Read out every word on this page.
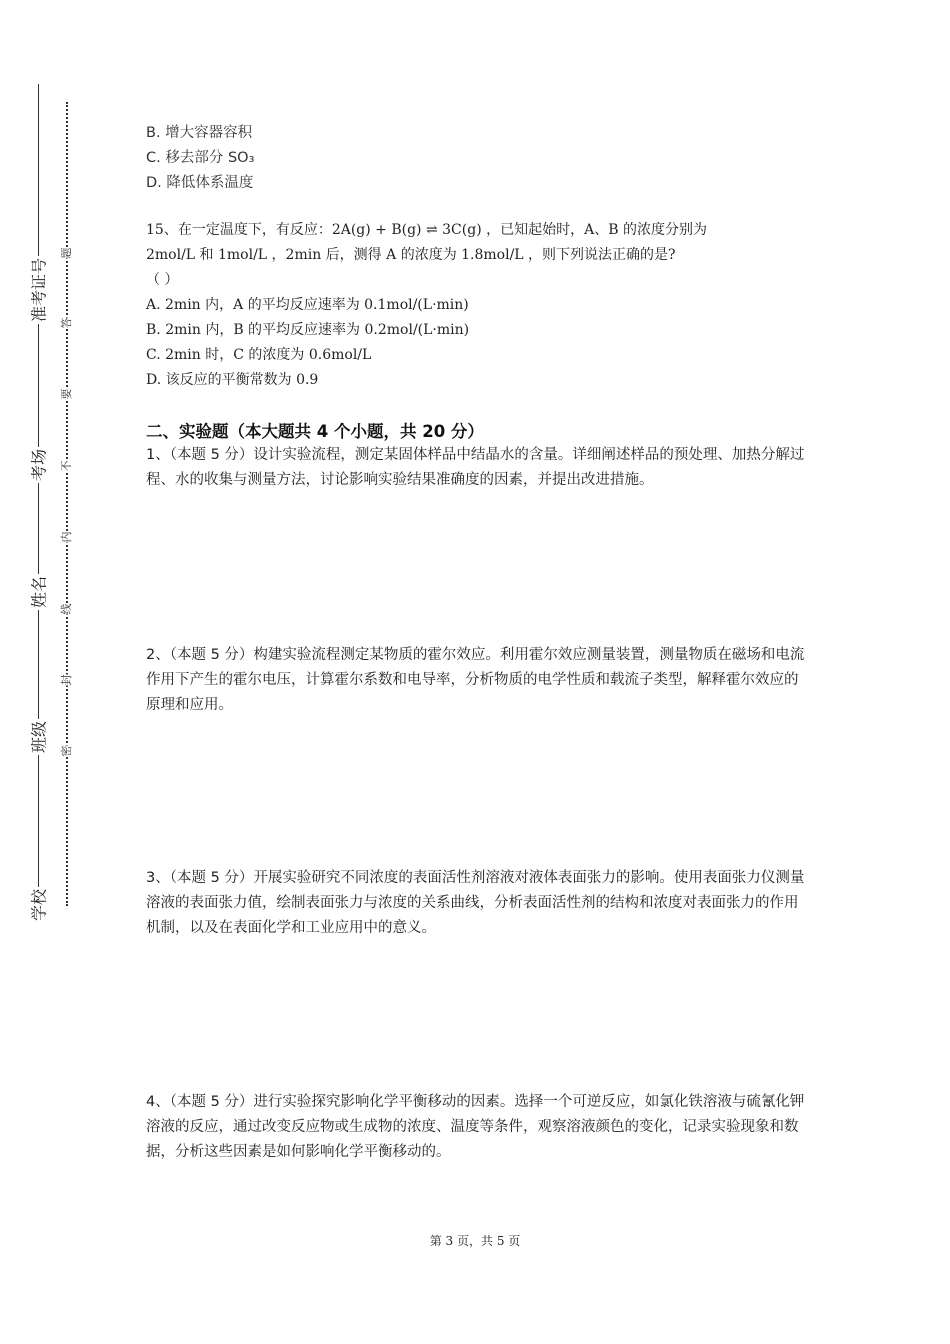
准考证号
考场
姓名
班级
学校
题
答
要
不
内
线
封
密
B. 增大容器容积
C. 移去部分 SO₃
D. 降低体系温度
15、在一定温度下，有反应：2A(g) + B(g) ⇌ 3C(g) ，已知起始时，A、B 的浓度分别为
2mol/L 和 1mol/L ，2min 后，测得 A 的浓度为 1.8mol/L ，则下列说法正确的是?
（ ）
A. 2min 内，A 的平均反应速率为 0.1mol/(L·min)
B. 2min 内，B 的平均反应速率为 0.2mol/(L·min)
C. 2min 时，C 的浓度为 0.6mol/L
D. 该反应的平衡常数为 0.9
二、实验题（本大题共 4 个小题，共 20 分）
1、（本题 5 分）设计实验流程，测定某固体样品中结晶水的含量。详细阐述样品的预处理、加热分解过程、水的收集与测量方法，讨论影响实验结果准确度的因素，并提出改进措施。
2、（本题 5 分）构建实验流程测定某物质的霍尔效应。利用霍尔效应测量装置，测量物质在磁场和电流作用下产生的霍尔电压，计算霍尔系数和电导率，分析物质的电学性质和载流子类型，解释霍尔效应的原理和应用。
3、（本题 5 分）开展实验研究不同浓度的表面活性剂溶液对液体表面张力的影响。使用表面张力仪测量溶液的表面张力值，绘制表面张力与浓度的关系曲线，分析表面活性剂的结构和浓度对表面张力的作用机制，以及在表面化学和工业应用中的意义。
4、（本题 5 分）进行实验探究影响化学平衡移动的因素。选择一个可逆反应，如氯化铁溶液与硫氰化钾溶液的反应，通过改变反应物或生成物的浓度、温度等条件，观察溶液颜色的变化，记录实验现象和数据，分析这些因素是如何影响化学平衡移动的。
第 3 页，共 5 页
